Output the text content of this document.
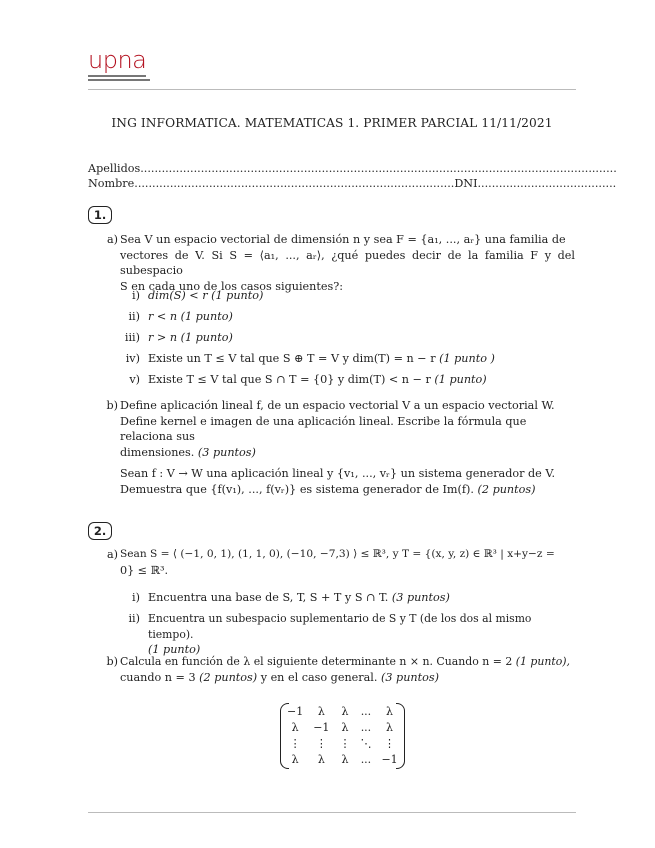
upna
ING INFORMATICA. MATEMATICAS 1. PRIMER PARCIAL 11/11/2021
Apellidos......................................................................................................................................
Nombre..........................................................................................DNI.......................................
1.
a) Sea V un espacio vectorial de dimensión n y sea F = {a₁, ..., aᵣ} una familia de
vectores de V. Si S = ⟨a₁, ..., aᵣ⟩, ¿qué puedes decir de la familia F y del subespacio
S en cada uno de los casos siguientes?:
i) dim(S) < r (1 punto)
ii) r < n (1 punto)
iii) r > n (1 punto)
iv) Existe un T ≤ V tal que S ⊕ T = V y dim(T) = n − r (1 punto )
v) Existe T ≤ V tal que S ∩ T = {0} y dim(T) < n − r (1 punto)
b) Define aplicación lineal f, de un espacio vectorial V a un espacio vectorial W.
Define kernel e imagen de una aplicación lineal. Escribe la fórmula que relaciona sus
dimensiones. (3 puntos)
Sean f : V → W una aplicación lineal y {v₁, ..., vᵣ} un sistema generador de V.
Demuestra que {f(v₁), ..., f(vᵣ)} es sistema generador de Im(f). (2 puntos)
2.
a) Sean S = ⟨ (−1, 0, 1), (1, 1, 0), (−10, −7,3) ⟩ ≤ ℝ³, y T = {(x, y, z) ∈ ℝ³ | x+y−z =
0} ≤ ℝ³.
i) Encuentra una base de S, T, S + T y S ∩ T. (3 puntos)
ii) Encuentra un subespacio suplementario de S y T (de los dos al mismo tiempo).
(1 punto)
b) Calcula en función de λ el siguiente determinante n × n. Cuando n = 2 (1 punto),
cuando n = 3 (2 puntos) y en el caso general. (3 puntos)
−1	λ	λ	...	λ
λ	−1	λ	...	λ
⋮	⋮	⋮	⋱	⋮
λ	λ	λ	...	−1
